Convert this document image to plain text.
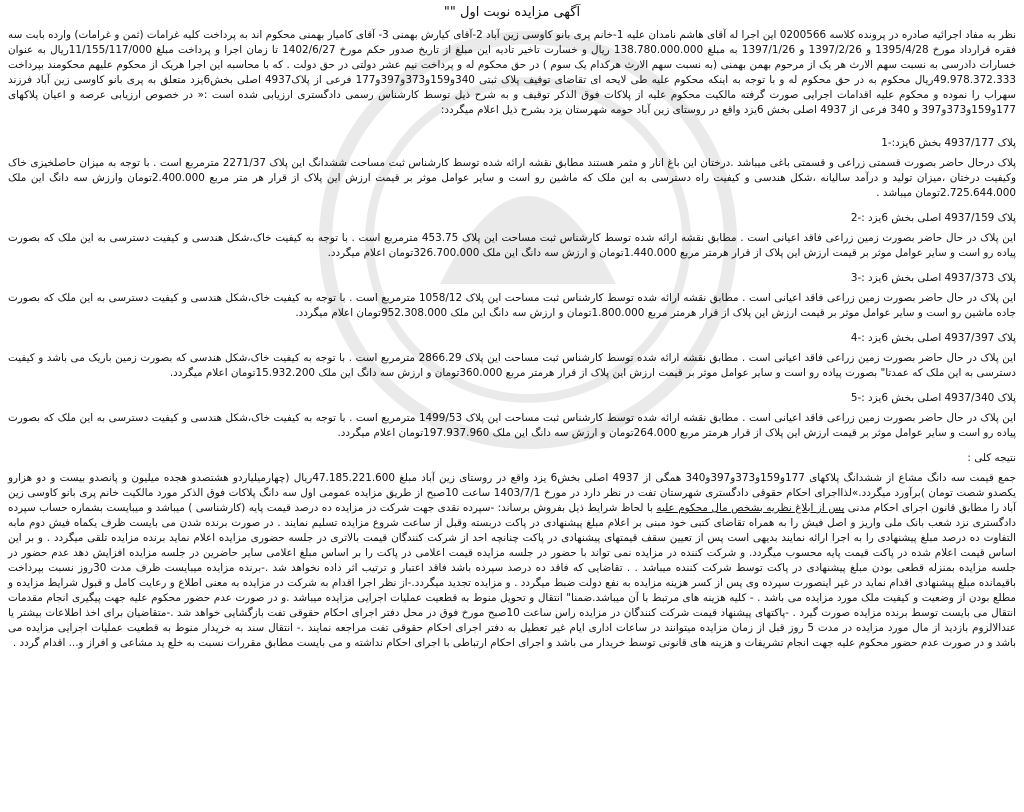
آگهی مزایده نوبت اول ""

نظر به مفاد اجرائیه صادره در پرونده کلاسه 0200566 این اجرا له آقای هاشم نامدان علیه 1-خانم پری بانو کاوسی زین آباد 2-آقای کیارش بهمنی 3- آقای کامیار بهمنی محکوم اند به پرداخت کلیه غرامات (ثمن و غرامات) وارده بابت سه فقره قرارداد مورخ 1395/4/28 و 1397/2/26 و 1397/1/26 به مبلغ 138.780.000.000 ریال و خسارت تاخیر تادیه این مبلغ از تاریخ صدور حکم مورخ 1402/6/27 تا زمان اجرا و پرداخت مبلغ 11/155/117/000ریال به عنوان خسارات دادرسی به نسبت سهم الارث هر یک از مرحوم بهمن بهمنی (به نسبت سهم الارث هرکدام یک سوم ) در حق محکوم له و پرداخت نیم عشر دولتی در حق دولت . که با محاسبه این اجرا هریک از محکوم علیهم محکومند بپرداخت 49.978.372.333ریال محکوم به در حق محکوم له و با توجه به اینکه محکوم علیه طی لایحه ای تقاضای توقیف پلاک ثبتی 340و159و373و397و177 فرعی از پلاک4937 اصلی بخش6یزد متعلق به پری بانو کاوسی زین آباد فرزند سهراب را نموده و محکوم علیه اقدامات اجرایی صورت گرفته مالکیت محکوم علیه از پلاکات فوق الذکر توقیف و به شرح ذیل توسط کارشناس رسمی دادگستری ارزیابی شده است :« در خصوص ارزیابی عرصه و اعیان پلاکهای 177و159و373و397 و 340 فرعی از 4937 اصلی بخش 6یزد واقع در روستای زین آباد حومه شهرستان یزد بشرح ذیل اعلام میگردد:

پلاک 4937/177 بخش 6یزد:-1

پلاک درحال حاضر بصورت قسمتی زراعی و قسمتی باغی میباشد .درختان این باغ انار و مثمر هستند مطابق نقشه ارائه شده توسط کارشناس ثبت مساحت ششدانگ این پلاک 2271/37 مترمربع است . با توجه به میزان حاصلخیزی خاک وکیفیت درختان ،میزان تولید و درآمد سالیانه ،شکل هندسی و کیفیت راه دسترسی به این ملک که ماشین رو است و سایر عوامل موثر بر قیمت ارزش این پلاک از قرار هر متر مربع 2.400.000تومان وارزش سه دانگ این ملک 2.725.644.000تومان میباشد .

پلاک 4937/159 اصلی بخش 6یزد :-2

این پلاک در حال حاضر بصورت زمین زراعی فاقد اعیانی است . مطابق نقشه ارائه شده توسط کارشناس ثبت مساحت این پلاک 453.75 مترمربع است . با توجه به کیفیت خاک،شکل هندسی و کیفیت دسترسی به این ملک که بصورت پیاده رو است و سایر عوامل موثر بر قیمت ارزش این پلاک از قرار هرمتر مربع 1.440.000تومان و ارزش سه دانگ این ملک 326.700.000تومان اعلام میگردد.

پلاک 4937/373 اصلی بخش 6یزد :-3

این پلاک در حال حاضر بصورت زمین زراعی فاقد اعیانی است . مطابق نقشه ارائه شده توسط کارشناس ثبت مساحت این پلاک 1058/12 مترمربع است . با توجه به کیفیت خاک،شکل هندسی و کیفیت دسترسی به این ملک که بصورت جاده ماشین رو است و سایر عوامل موثر بر قیمت ارزش این پلاک از قرار هرمتر مربع 1.800.000تومان و ارزش سه دانگ این ملک 952.308.000تومان اعلام میگردد.

پلاک 4937/397 اصلی بخش 6یزد :-4

این پلاک در حال حاضر بصورت زمین زراعی فاقد اعیانی است . مطابق نقشه ارائه شده توسط کارشناس ثبت مساحت این پلاک 2866.29 مترمربع است . با توجه به کیفیت خاک،شکل هندسی که بصورت زمین باریک می باشد و کیفیت دسترسی به این ملک که عمدتا" بصورت پیاده رو است و سایر عوامل موثر بر قیمت ارزش این پلاک از قرار هرمتر مربع 360.000تومان و ارزش سه دانگ این ملک 15.932.200تومان اعلام میگردد.

پلاک 4937/340 اصلی بخش 6یزد :-5

این پلاک در حال حاضر بصورت زمین زراعی فاقد اعیانی است . مطابق نقشه ارائه شده توسط کارشناس ثبت مساحت این پلاک 1499/53 مترمربع است . با توجه به کیفیت خاک،شکل هندسی و کیفیت دسترسی به این ملک که بصورت پیاده رو است و سایر عوامل موثر بر قیمت ارزش این پلاک از قرار هرمتر مربع 264.000تومان و ارزش سه دانگ این ملک 197.937.960تومان اعلام میگردد.

نتیجه کلی :

جمع قیمت سه دانگ مشاع از ششدانگ پلاکهای 177و159و373و397و340 همگی از 4937 اصلی بخش6 یزد واقع در روستای زین آباد مبلغ 47.185.221.600ریال (چهارمیلیاردو هشتصدو هجده میلیون و پانصدو بیست و دو هزارو یکصدو شصت تومان )برآورد میگردد.»لذااجرای احکام حقوقی دادگستری شهرستان تفت در نظر دارد در مورخ 1403/7/1 ساعت 10صبح از طریق مزایده عمومی اول سه دانگ پلاکات فوق الذکر مورد مالکیت خانم پری بانو کاوسی زین آباد را مطابق قانون اجرای احکام مدنی پس از ابلاغ نظریه بشخص مال محکوم علیه با لحاظ شرایط ذیل بفروش برساند: -سپرده نقدی جهت شرکت در مزایده ده درصد قیمت پایه (کارشناسی ) میباشد و میبایست بشماره حساب سپرده دادگستری نزد شعب بانک ملی واریز و اصل فیش را به همراه تقاضای کتبی خود مبنی بر اعلام مبلغ پیشنهادی در پاکت دربسته وقبل از ساعت شروع مزایده تسلیم نمایند . در صورت برنده شدن می بایست ظرف یکماه فیش دوم مابه التفاوت ده درصد مبلغ پیشنهادی را به اجرا ارائه نمایند بدیهی است پس از تعیین سقف قیمتهای پیشنهادی در پاکت چنانچه احد از شرکت کنندگان قیمت بالاتری در جلسه حضوری مزایده اعلام نماید برنده مزایده تلقی میگردد . و بر این اساس قیمت اعلام شده در پاکت قیمت پایه محسوب میگردد. و شرکت کننده در مزایده نمی تواند با حضور در جلسه مزایده قیمت اعلامی در پاکت را بر اساس مبلغ اعلامی سایر حاضرین در جلسه مزایده افزایش دهد عدم حضور در جلسه مزایده بمنزله قطعی بودن مبلغ پیشنهادی در پاکت توسط شرکت کننده میباشد . . تقاضایی که فاقد ده درصد سپرده باشد فاقد اعتبار و ترتیب اثر داده نخواهد شد .-برنده مزایده میبایست ظرف مدت 30روز نسبت بپرداخت باقیمانده مبلغ پیشنهادی اقدام نماید در غیر اینصورت سپرده وی پس از کسر هزینه مزایده به نفع دولت ضبط میگردد . و مزایده تجدید میگردد.-از نظر اجرا اقدام به شرکت در مزایده به معنی اطلاع و رعایت کامل و قبول شرایط مزایده و مطلع بودن از وضعیت و کیفیت ملک مورد مزایده می باشد . - کلیه هزینه های مرتبط با آن میباشد.ضمنا" انتقال و تحویل منوط به قطعیت عملیات اجرایی مزایده میباشد .و در صورت عدم حضور محکوم علیه جهت پیگیری انجام مقدمات انتقال می بایست توسط برنده مزایده صورت گیرد . -پاکتهای پیشنهاد قیمت شرکت کنندگان در مزایده راس ساعت 10صبح مورخ فوق در محل دفتر اجرای احکام حقوقی تفت بازگشایی خواهد شد .-متقاضیان برای اخذ اطلاعات بیشتر یا عندالالزوم بازدید از مال مورد مزایده در مدت 5 روز قبل از زمان مزایده میتوانند در ساعات اداری ایام غیر تعطیل به دفتر اجرای احکام حقوقی تفت مراجعه نمایند .- انتقال سند به خریدار منوط به قطعیت عملیات اجرایی مزایده می باشد و در صورت عدم حضور محکوم علیه جهت انجام تشریفات و هزینه های قانونی توسط خریدار می باشد و اجرای احکام ارتباطی با اجرای احکام نداشته و می بایست مطابق مقررات نسبت به خلع ید مشاعی و افراز و... اقدام گردد .
